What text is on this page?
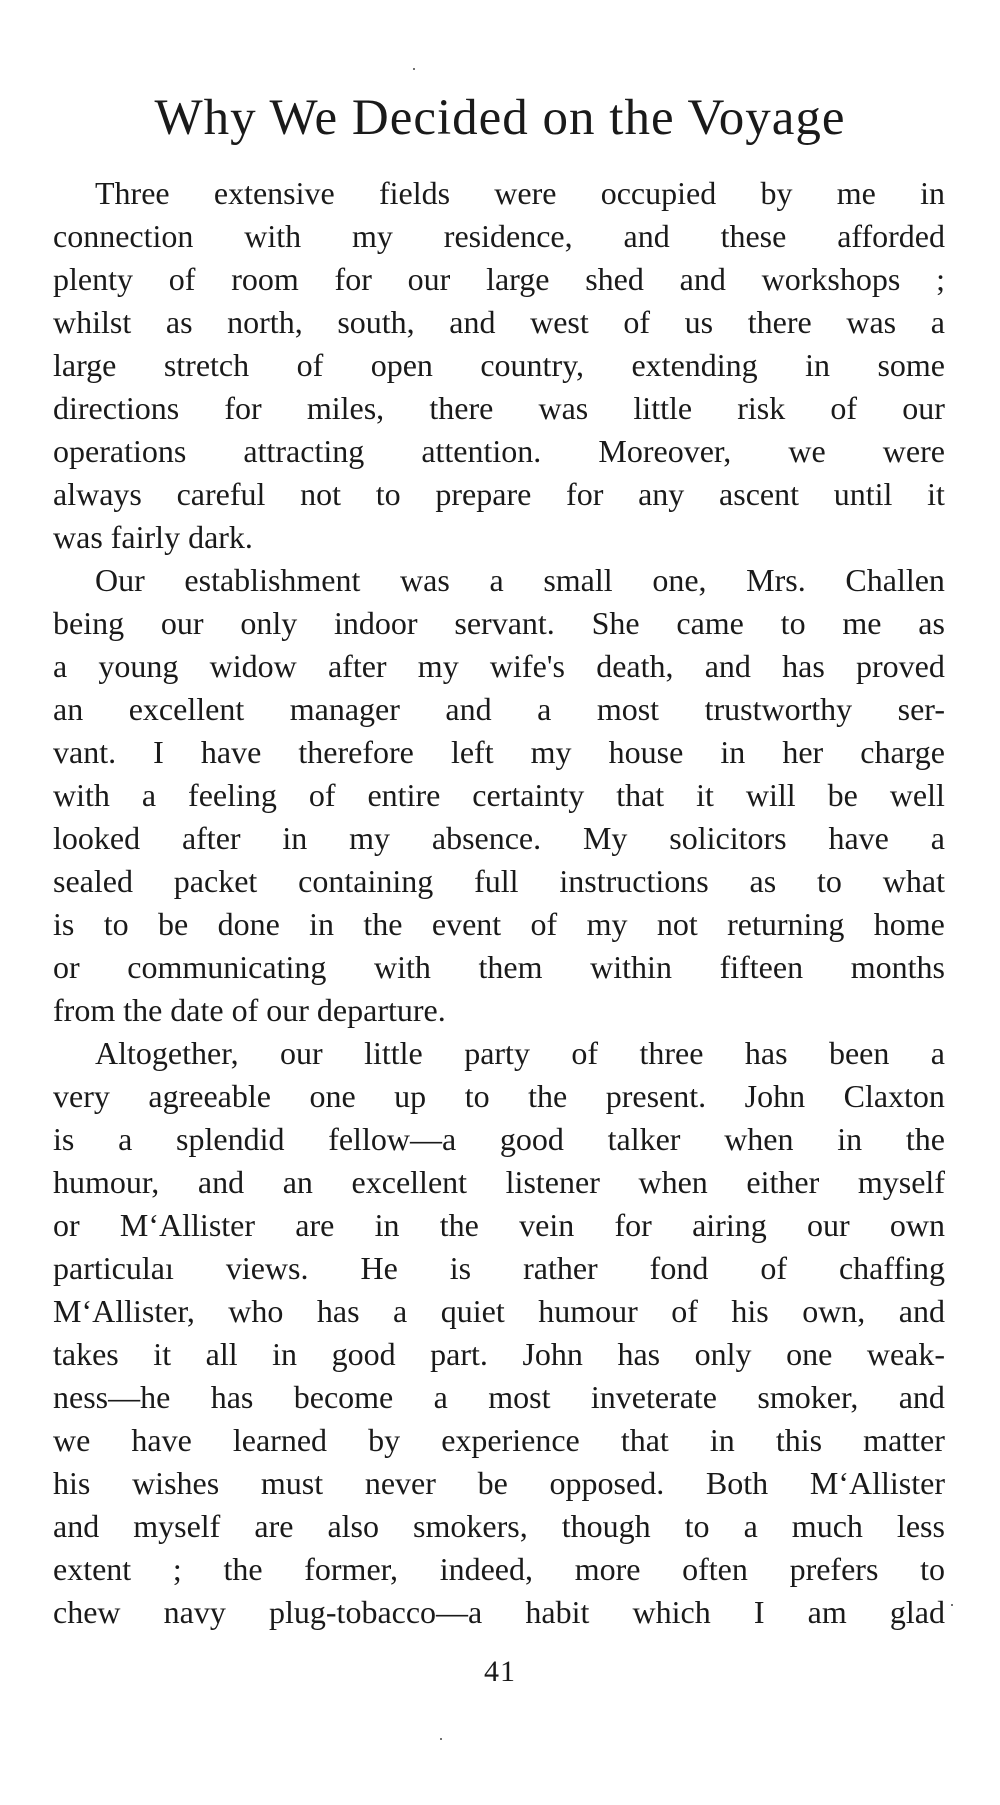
Why We Decided on the Voyage
Three extensive fields were occupied by me in
connection with my residence, and these afforded
plenty of room for our large shed and workshops ;
whilst as north, south, and west of us there was a
large stretch of open country, extending in some
directions for miles, there was little risk of our
operations attracting attention. Moreover, we were
always careful not to prepare for any ascent until it
was fairly dark.
Our establishment was a small one, Mrs. Challen
being our only indoor servant. She came to me as
a young widow after my wife's death, and has proved
an excellent manager and a most trustworthy ser-
vant. I have therefore left my house in her charge
with a feeling of entire certainty that it will be well
looked after in my absence. My solicitors have a
sealed packet containing full instructions as to what
is to be done in the event of my not returning home
or communicating with them within fifteen months
from the date of our departure.
Altogether, our little party of three has been a
very agreeable one up to the present. John Claxton
is a splendid fellow—a good talker when in the
humour, and an excellent listener when either myself
or M‘Allister are in the vein for airing our own
particulaı views. He is rather fond of chaffing
M‘Allister, who has a quiet humour of his own, and
takes it all in good part. John has only one weak-
ness—he has become a most inveterate smoker, and
we have learned by experience that in this matter
his wishes must never be opposed. Both M‘Allister
and myself are also smokers, though to a much less
extent ; the former, indeed, more often prefers to
chew navy plug-tobacco—a habit which I am glad
41
